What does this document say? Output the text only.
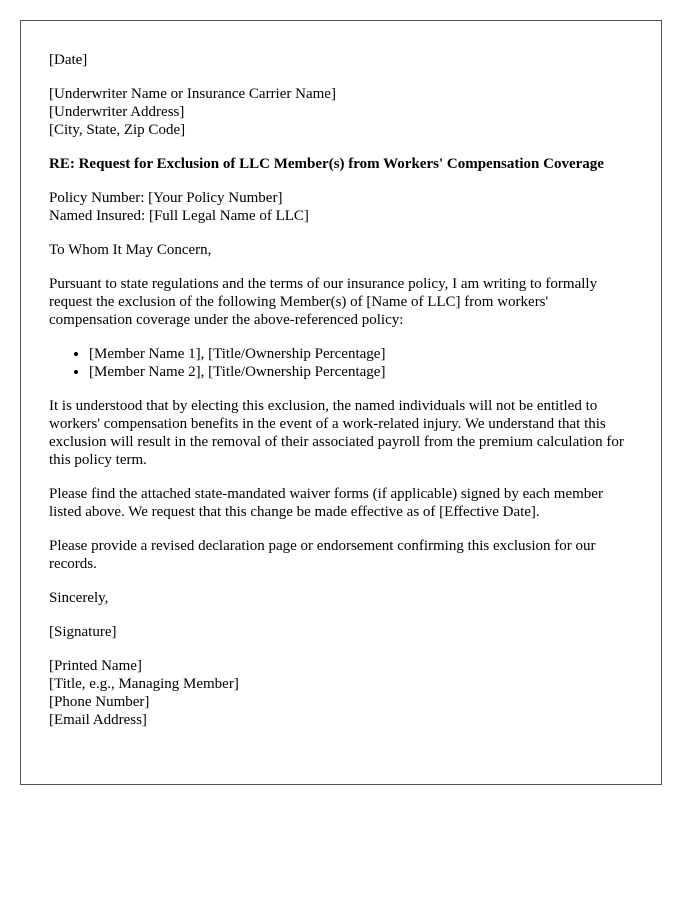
[Date]
[Underwriter Name or Insurance Carrier Name]
[Underwriter Address]
[City, State, Zip Code]
RE: Request for Exclusion of LLC Member(s) from Workers' Compensation Coverage
Policy Number: [Your Policy Number]
Named Insured: [Full Legal Name of LLC]
To Whom It May Concern,
Pursuant to state regulations and the terms of our insurance policy, I am writing to formally request the exclusion of the following Member(s) of [Name of LLC] from workers' compensation coverage under the above-referenced policy:
• [Member Name 1], [Title/Ownership Percentage]
• [Member Name 2], [Title/Ownership Percentage]
It is understood that by electing this exclusion, the named individuals will not be entitled to workers' compensation benefits in the event of a work-related injury. We understand that this exclusion will result in the removal of their associated payroll from the premium calculation for this policy term.
Please find the attached state-mandated waiver forms (if applicable) signed by each member listed above. We request that this change be made effective as of [Effective Date].
Please provide a revised declaration page or endorsement confirming this exclusion for our records.
Sincerely,
[Signature]
[Printed Name]
[Title, e.g., Managing Member]
[Phone Number]
[Email Address]
